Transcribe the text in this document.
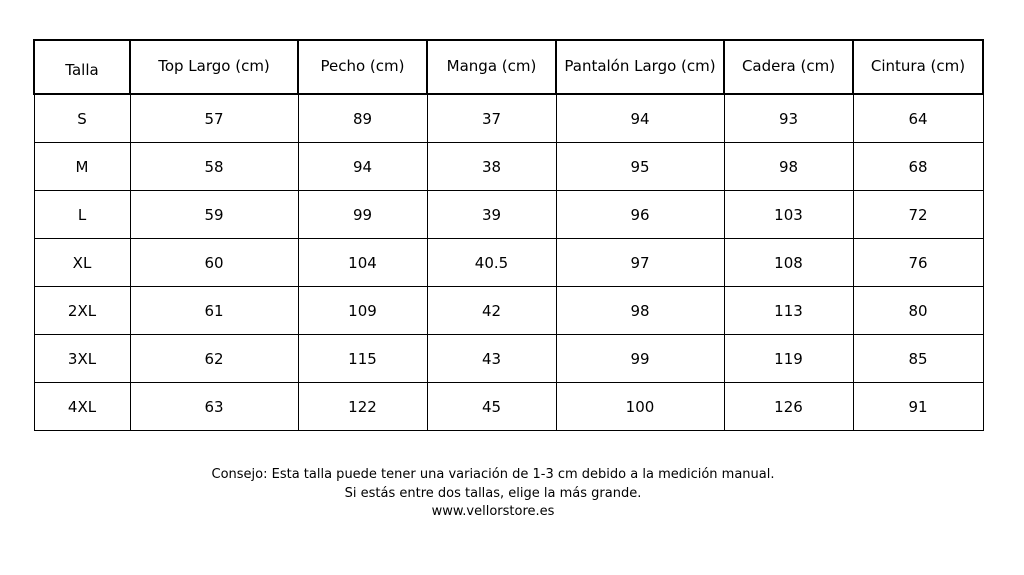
Talla	Top Largo (cm)	Pecho (cm)	Manga (cm)	Pantalón Largo (cm)	Cadera (cm)	Cintura (cm)
S	57	89	37	94	93	64
M	58	94	38	95	98	68
L	59	99	39	96	103	72
XL	60	104	40.5	97	108	76
2XL	61	109	42	98	113	80
3XL	62	115	43	99	119	85
4XL	63	122	45	100	126	91
Consejo: Esta talla puede tener una variación de 1-3 cm debido a la medición manual.
Si estás entre dos tallas, elige la más grande.
www.vellorstore.es
